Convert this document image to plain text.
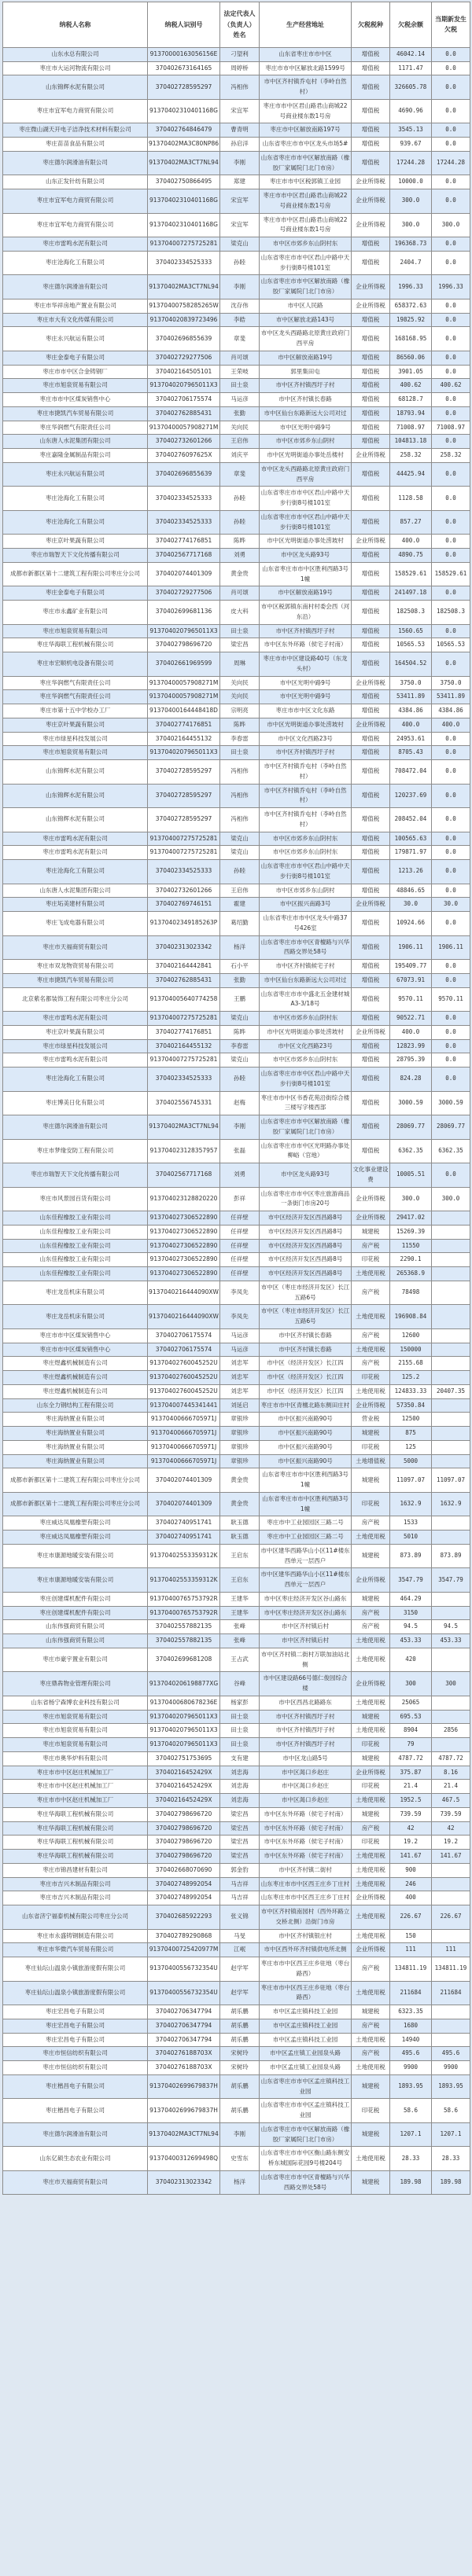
纳税人名称	纳税人识别号	法定代表人（负责人）姓名	生产经营地址	欠税税种	欠税余额	当期新发生欠税
山东水总有限公司	91370000163056156E	刁望利	山东省枣庄市市中区	增值税	46042.14	0.0
枣庄市大运河物流有限公司	370402673164165	周婷桥	枣庄市市中区解放北路1599号	增值税	1171.47	0.0
山东锦辉水泥有限公司	370402728595297	冯相伟	市中区齐村镇乔屯村（李岭自然村）	增值税	326605.78	0.0
枣庄市宜军电力商贸有限公司	91370402310401168G	宋宜军	枣庄市市中区君山路君山商城22号商业楼东数1号房	增值税	4690.96	0.0
枣庄微山湖天开电子洁净技术材料有限公司	370402764846479	曹青明	枣庄市中区解放南路197号	增值税	3545.13	0.0
枣庄苗苗食品有限公司	91370402MA3C80NP86	孙启洋	山东省枣庄市市中区龙头市场5#	增值税	939.67	0.0
枣庄德尔润滑油有限公司	91370402MA3CT7NL94	李刚	山东省枣庄市市中区解放南路（橡胶厂家属院门北门市房）	增值税	17244.28	17244.28
山东正发针纺有限公司	370402750866495	郑建	枣庄市市中区税郭镇工业园	企业所得税	10000.0	0.0
枣庄市宜军电力商贸有限公司	91370402310401168G	宋宜军	枣庄市市中区君山路君山商城22号商业楼东数1号房	企业所得税	300.0	0.0
枣庄市宜军电力商贸有限公司	91370402310401168G	宋宜军	枣庄市市中区君山路君山商城22号商业楼东数1号房	企业所得税	300.0	300.0
枣庄市雷鸣水泥有限公司	913704007275725281	梁克山	市中区市郊乡东山阴村东	增值税	196368.73	0.0
枣庄沧海化工有限公司	370402334525333	孙睦	山东省枣庄市市中区君山中路中天步行街8号楼101室	增值税	2404.7	0.0
枣庄德尔润滑油有限公司	91370402MA3CT7NL94	李刚	山东省枣庄市市中区解放南路（橡胶厂家属院门北门市房）	企业所得税	1996.33	1996.33
枣庄市华祥房地产置业有限公司	91370400758285265W	沈存伟	市中区人民路	企业所得税	658372.63	0.0
枣庄市大有文化传媒有限公司	913704020839723496	李皓	市中区解放北路143号	增值税	19825.92	0.0
枣庄永兴航运有限公司	370402696855639	章斐	市中区龙头西路路北原黄庄政府门西平房	增值税	168168.95	0.0
枣庄金泰电子有限公司	370402729277506	肖可颂	市中区解放南路19号	增值税	86560.06	0.0
枣庄市市中区合金铸钢厂	370402164505101	王荣岐	郭里集田屯	增值税	3901.05	0.0
枣庄市旭泉贸易有限公司	9137040207965011X3	田士泉	市中区齐村镇西圩子村	增值税	400.62	400.62
枣庄市市中区煤炭销售中心	370402706175574	马运彦	市中区齐村镇长春路	增值税	68128.7	0.0
枣庄市捷凯汽车贸易有限公司	370402762885431	张勤	市中区仙台东路新远大公司对过	增值税	18793.94	0.0
枣庄华润燃气有限责任公司	91370400057908271M	关向民	市中区光明中路9号	增值税	71008.97	71008.97
山东唐人水泥集团有限公司	370402732601266	王启伟	市中区市郊乡东山阴村	增值税	104813.18	0.0
枣庄嘉隆金属制品有限公司	37040276097625X	刘庆平	市中区光明街道办事处岳楼村	企业所得税	258.32	258.32
枣庄永兴航运有限公司	370402696855639	章斐	市中区龙头西路路北原黄庄政府门西平房	增值税	44425.94	0.0
枣庄沧海化工有限公司	370402334525333	孙睦	山东省枣庄市市中区君山中路中天步行街8号楼101室	增值税	1128.58	0.0
枣庄沧海化工有限公司	370402334525333	孙睦	山东省枣庄市市中区君山中路中天步行街8号楼101室	增值税	857.27	0.0
枣庄京叶果蔬有限公司	370402774176851	陈晔	市中区光明街道办事处涝坡村	企业所得税	400.0	0.0
枣庄市瑞智天下文化传播有限公司	370402567717168	刘勇	市中区龙头路93号	增值税	4890.75	0.0
成都市新都区第十二建筑工程有限公司枣庄分公司	370402074401309	黄金贵	山东省枣庄市市中区胜利西路3号1幢	增值税	158529.61	158529.61
枣庄金泰电子有限公司	370402729277506	肖可颂	市中区解放南路19号	增值税	241497.18	0.0
枣庄市永鑫矿业有限公司	370402699681136	皮大科	市中区税郭镇东南村村委会西（河东沿）	增值税	182508.3	182508.3
枣庄市旭泉贸易有限公司	9137040207965011X3	田士泉	市中区齐村镇西圩子村	增值税	1560.65	0.0
枣庄华海联工程机械有限公司	370402798696720	梁宏昌	市中区东外环路（侯宅子村南）	增值税	10565.53	10565.53
枣庄市宏顺机电设备有限公司	370402661969599	周琳	枣庄市市中区建设路40号（东龙头村）	增值税	164504.52	0.0
枣庄华润燃气有限责任公司	91370400057908271M	关向民	市中区光明中路9号	企业所得税	3750.0	3750.0
枣庄华润燃气有限责任公司	91370400057908271M	关向民	市中区光明中路9号	增值税	53411.89	53411.89
枣庄市第十五中学校办工厂	91370400164448418D	宗明亮	枣庄市市中区文化东路	增值税	4384.86	4384.86
枣庄京叶果蔬有限公司	370402774176851	陈晔	市中区光明街道办事处涝坡村	企业所得税	400.0	400.0
枣庄市绿星科技发展公司	370402164455132	李春雷	市中区文化西路23号	增值税	24953.61	0.0
枣庄市旭泉贸易有限公司	9137040207965011X3	田士泉	市中区齐村镇西圩子村	增值税	8705.43	0.0
山东锦辉水泥有限公司	370402728595297	冯相伟	市中区齐村镇乔屯村（李岭自然村）	增值税	708472.04	0.0
山东锦辉水泥有限公司	370402728595297	冯相伟	市中区齐村镇乔屯村（李岭自然村）	增值税	120237.69	0.0
山东锦辉水泥有限公司	370402728595297	冯相伟	市中区齐村镇乔屯村（李岭自然村）	增值税	208452.04	0.0
枣庄市雷鸣水泥有限公司	913704007275725281	梁克山	市中区市郊乡东山阴村东	增值税	100565.63	0.0
枣庄市雷鸣水泥有限公司	913704007275725281	梁克山	市中区市郊乡东山阴村东	增值税	179871.97	0.0
枣庄沧海化工有限公司	370402334525333	孙睦	山东省枣庄市市中区君山中路中天步行街8号楼101室	增值税	1213.26	0.0
山东唐人水泥集团有限公司	370402732601266	王启伟	市中区市郊乡东山阴村	增值税	48846.65	0.0
枣庄坧美建材有限公司	370402769746151	霍建	市中区振兴南路3号	企业所得税	30.0	30.0
枣庄飞成电器有限公司	91370402349185263P	葛绍勤	山东省枣庄市市中区龙头中路37号426室	增值税	10924.66	0.0
枣庄市天福商贸有限公司	370402313023342	杨洋	山东省枣庄市市中区青檀路与兴华西路交界处58号	增值税	1906.11	1906.11
枣庄市双龙物资贸易有限公司	370402164442841	石小平	市中区齐村镇候宅子村	增值税	195409.77	0.0
枣庄市捷凯汽车贸易有限公司	370402762885431	张勤	市中区仙台东路新远大公司对过	增值税	67073.91	0.0
北京紫名都装饰工程有限公司枣庄分公司	913704005640774258	王鹏	山东省枣庄市市中盛北五金建材城A3-3/18号	增值税	9570.11	9570.11
枣庄市雷鸣水泥有限公司	913704007275725281	梁克山	市中区市郊乡东山阴村东	增值税	90522.71	0.0
枣庄京叶果蔬有限公司	370402774176851	陈晔	市中区光明街道办事处涝坡村	企业所得税	400.0	0.0
枣庄市绿星科技发展公司	370402164455132	李春雷	市中区文化西路23号	增值税	12823.99	0.0
枣庄市雷鸣水泥有限公司	913704007275725281	梁克山	市中区市郊乡东山阴村东	增值税	28795.39	0.0
枣庄沧海化工有限公司	370402334525333	孙睦	山东省枣庄市市中区君山中路中天步行街8号楼101室	增值税	824.28	0.0
枣庄博美日化有限公司	370402556745331	赵梅	枣庄市市中区书香花苑沿街综合楼三楼写字楼西部	增值税	3000.59	3000.59
枣庄德尔润滑油有限公司	91370402MA3CT7NL94	李刚	山东省枣庄市市中区解放南路（橡胶厂家属院门北门市房）	增值税	28069.77	28069.77
枣庄市梦缘安防工程有限公司	913704023128357957	张磊	山东省枣庄市市中区光明路办事处柳峪（官地）	增值税	6362.35	6362.35
枣庄市瑞智天下文化传播有限公司	370402567717168	刘勇	市中区龙头路93号	文化事业建设费	10005.51	0.0
枣庄市风景园百货有限公司	913704023128820220	彭祥	山东省枣庄市市中区枣庄旅游商品一条街门市房20号	企业所得税	300.0	300.0
山东佳程橡胶工业有限公司	913704027306522890	任祥壁	市中区经济开发区西昌路8号	企业所得税	29417.02	
山东佳程橡胶工业有限公司	913704027306522890	任祥壁	市中区经济开发区西昌路8号	城建税	15269.39	
山东佳程橡胶工业有限公司	913704027306522890	任祥壁	市中区经济开发区西昌路8号	房产税	11550	
山东佳程橡胶工业有限公司	913704027306522890	任祥壁	市中区经济开发区西昌路8号	印花税	2290.1	
山东佳程橡胶工业有限公司	913704027306522890	任祥壁	市中区经济开发区西昌路8号	土地使用税	265368.9	
枣庄龙岳机床有限公司	9137040216444090XW	李凤先	市中区（枣庄市经济开发区）长江五路6号	房产税	78498	
枣庄龙岳机床有限公司	9137040216444090XW	李凤先	市中区（枣庄市经济开发区）长江五路6号	土地使用税	196908.84	
枣庄市市中区煤炭销售中心	370402706175574	马运彦	市中区齐村镇长春路	房产税	12600	
枣庄市市中区煤炭销售中心	370402706175574	马运彦	市中区齐村镇长春路	土地使用税	150000	
枣庄煜鑫机械制造有公司	91370402760045252U	刘忠军	市中区（经济开发区）长江四	房产税	2155.68	
枣庄煜鑫机械制造有公司	91370402760045252U	刘忠军	市中区（经济开发区）长江四	印花税	125.2	
枣庄煜鑫机械制造有公司	91370402760045252U	刘忠军	市中区（经济开发区）长江四	土地使用税	124833.33	20407.35
山东全力钢结构工程有限公司	913704007445341441	刘延启	枣庄市市中区青檀北路东侧田庄村	企业所得税	57350.84	
枣庄海纳置业有限公司	91370400666705971J	章银珍	市中区振兴南路90号	营业税	12500	
枣庄海纳置业有限公司	91370400666705971J	章银珍	市中区振兴南路90号	城建税	875	
枣庄海纳置业有限公司	91370400666705971J	章银珍	市中区振兴南路90号	印花税	125	
枣庄海纳置业有限公司	91370400666705971J	章银珍	市中区振兴南路90号	土地增值税	5000	
成都市新都区第十二建筑工程有限公司枣庄分公司	370402074401309	黄金贵	山东省枣庄市市中区胜利西路3号1幢	城建税	11097.07	11097.07
成都市新都区第十二建筑工程有限公司枣庄分公司	370402074401309	黄金贵	山东省枣庄市市中区胜利西路3号1幢	印花税	1632.9	1632.9
枣庄威达凤凰橡塑有限公司	370402740951741	耿玉德	枣庄市中工业园园区三路二号	房产税	1533	
枣庄威达凤凰橡塑有限公司	370402740951741	耿玉德	枣庄市中工业园园区三路二号	土地使用税	5010	
枣庄市康源地暖安装有限公司	91370402553359312K	王启东	市中区建华西路华山小区11#楼东西单元一层西户	城建税	873.89	873.89
枣庄市康源地暖安装有限公司	91370402553359312K	王启东	市中区建华西路华山小区11#楼东西单元一层西户	企业所得税	3547.79	3547.79
枣庄创建煤机配件有限公司	91370400765753792R	王建华	市中区枣庄经济开发区谷山路东	城建税	464.29	
枣庄创建煤机配件有限公司	91370400765753792R	王建华	市中区枣庄经济开发区谷山路东	房产税	3150	
山东伟强商贸有限公司	370402557882135	张峰	市中区齐村镇后村	房产税	94.5	94.5
山东伟强商贸有限公司	370402557882135	张峰	市中区齐村镇后村	土地使用税	453.33	453.33
枣庄市豪宇置业有限公司	370402699681208	王占武	市中区齐村镇二街村万联加油站北侧	土地使用税	420	
枣庄鼎犇物业管理有限公司	9137040206198877XG	谷峰	市中区建设路66号德仁俊园综合楼	企业所得税	300	300
山东省杨宁森博农业科技有限公司	91370400680678236E	杨家彭	市中区西昌北路路东	土地使用税	25065	
枣庄市旭泉贸易有限公司	9137040207965011X3	田士泉	市中区齐村镇西圩子村	城建税	695.53	
枣庄市旭泉贸易有限公司	9137040207965011X3	田士泉	市中区齐村镇西圩子村	土地使用税	8904	2856
枣庄市旭泉贸易有限公司	9137040207965011X3	田士泉	市中区齐村镇西圩子村	印花税	79	
枣庄市奥华炉料有限公司	370402751753695	支有建	市中区龙山路5号	城建税	4787.72	4787.72
枣庄市市中区赵庄机械加工厂	37040216452429X	刘忠海	市中区渴口乡赵庄	企业所得税	375.87	8.16
枣庄市市中区赵庄机械加工厂	37040216452429X	刘忠海	市中区渴口乡赵庄	印花税	21.4	21.4
枣庄市市中区赵庄机械加工厂	37040216452429X	刘忠海	市中区渴口乡赵庄	土地使用税	1952.5	467.5
枣庄华海联工程机械有限公司	370402798696720	梁宏昌	市中区东外环路（侯宅子村南）	城建税	739.59	739.59
枣庄华海联工程机械有限公司	370402798696720	梁宏昌	市中区东外环路（侯宅子村南）	房产税	42	42
枣庄华海联工程机械有限公司	370402798696720	梁宏昌	市中区东外环路（侯宅子村南）	印花税	19.2	19.2
枣庄华海联工程机械有限公司	370402798696720	梁宏昌	市中区东外环路（侯宅子村南）	土地使用税	141.67	141.67
枣庄市锦昌建材有限公司	370402668070690	郭金豹	市中区齐村镇二街村	土地使用税	900	
枣庄市吉兴木制品有限公司	370402748992054	马吉祥	山东枣庄市市中区西王庄乡丁庄村	土地使用税	246	
枣庄市吉兴木制品有限公司	370402748992054	马吉祥	山东枣庄市市中区西王庄乡丁庄村	企业所得税	400	
山东省济宁福泰机械有限公司枣庄分公司	370402685922293	张义锦	市中区齐村镇南园村（西外环路立交桥北侧）沿街门市房	土地使用税	226.67	226.67
枣庄市永盛铸钢制造有限公司	370402789290868	马旻	市中区齐村镇银庄村	土地使用税	150	
枣庄市华微汽车贸易有限公司	91370400725420977M	江岷	市中区西外环齐村镇供电所北侧	企业所得税	111	111
枣庄仙坛山温泉小镇旅游度假有限公司	91370400556732354U	赵学军	枣庄市市中区西王庄乡驻地（枣台路西）	房产税	134811.19	134811.19
枣庄仙坛山温泉小镇旅游度假有限公司	91370400556732354U	赵学军	枣庄市市中区西王庄乡驻地（枣台路西）	土地使用税	211684	211684
枣庄宏昌电子有限公司	370402706347794	胡乐鹏	市中区孟庄镇科技工业园	城建税	6323.35	
枣庄宏昌电子有限公司	370402706347794	胡乐鹏	市中区孟庄镇科技工业园	房产税	1680	
枣庄宏昌电子有限公司	370402706347794	胡乐鹏	市中区孟庄镇科技工业园	土地使用税	14940	
枣庄市恒信纺织有限公司	37040276188703X	宋树玲	市中区孟庄镇工业园泉头路	房产税	495.6	495.6
枣庄市恒信纺织有限公司	37040276188703X	宋树玲	市中区孟庄镇工业园泉头路	土地使用税	9900	9900
枣庄楷昌电子有限公司	91370402699679837H	胡乐鹏	山东省枣庄市市中区孟庄镇科技工业园	城建税	1893.95	1893.95
枣庄楷昌电子有限公司	91370402699679837H	胡乐鹏	山东省枣庄市市中区孟庄镇科技工业园	印花税	58.6	58.6
枣庄德尔润滑油有限公司	91370402MA3CT7NL94	李刚	山东省枣庄市市中区解放南路（橡胶厂家属院门北门市房）	城建税	1207.1	1207.1
山东亿硕生态农业有限公司	91370400312699498Q	史雪东	山东省枣庄市市中区衡山路东侧安桥东城国际花园9号楼204号	土地使用税	28.33	28.33
枣庄市天福商贸有限公司	370402313023342	杨洋	山东省枣庄市市中区青檀路与兴华西路交界处58号	城建税	189.98	189.98
